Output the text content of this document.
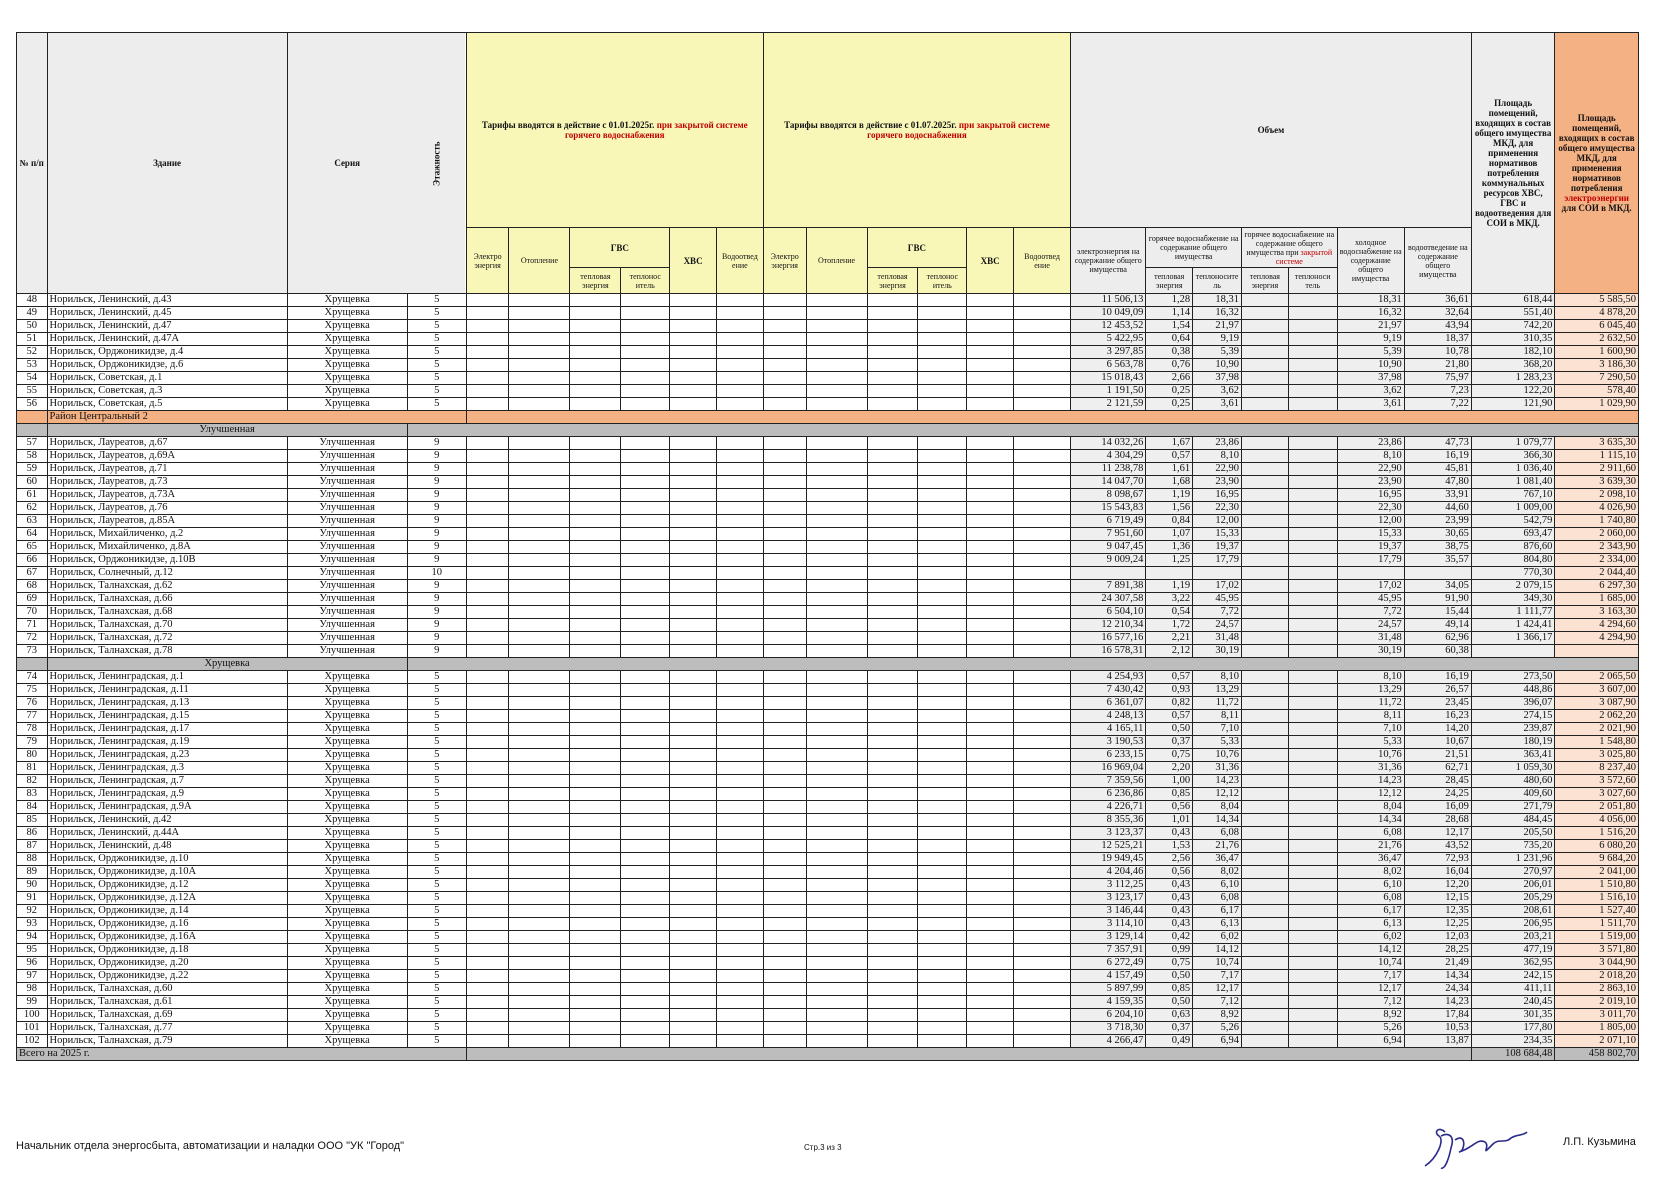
№ п/п	Здание	Серия	Этажность	Тарифы вводятся в действие с 01.01.2025г. при закрытой системе горячего водоснабжения						Тарифы вводятся в действие с 01.07.2025г. при закрытой системе горячего водоснабжения						Объем							Площадь помещений, входящих в состав общего имущества МКД, для применения нормативов потребления коммунальных ресурсов ХВС, ГВС и водоотведения для СОИ в МКД.	Площадь помещений, входящих в состав общего имущества МКД, для применения нормативов потребления электроэнергии для СОИ в МКД.
				Электро энергия	Отопление	ГВС		ХВС	Водоотвед ение	Электро энергия	Отопление	ГВС		ХВС	Водоотвед ение	электроэнергия на содержание общего имущества	горячее водоснабжение на содержание общего имущества		горячее водоснабжение на содержание общего имущества при закрытой системе		холодное водоснабжение на содержание общего имущества	водоотведение на содержание общего имущества		
						тепловая энергия	теплонос итель					тепловая энергия	теплонос итель				тепловая энергия	теплоносите ль	тепловая энергия	теплоноси тель				
48	Норильск, Ленинский, д.43	Хрущевка	5													11 506,13	1,28	18,31			18,31	36,61	618,44	5 585,50
49	Норильск, Ленинский, д.45	Хрущевка	5													10 049,09	1,14	16,32			16,32	32,64	551,40	4 878,20
50	Норильск, Ленинский, д.47	Хрущевка	5													12 453,52	1,54	21,97			21,97	43,94	742,20	6 045,40
51	Норильск, Ленинский, д.47А	Хрущевка	5													5 422,95	0,64	9,19			9,19	18,37	310,35	2 632,50
52	Норильск, Орджоникидзе, д.4	Хрущевка	5													3 297,85	0,38	5,39			5,39	10,78	182,10	1 600,90
53	Норильск, Орджоникидзе, д.6	Хрущевка	5													6 563,78	0,76	10,90			10,90	21,80	368,20	3 186,30
54	Норильск, Советская, д.1	Хрущевка	5													15 018,43	2,66	37,98			37,98	75,97	1 283,23	7 290,50
55	Норильск, Советская, д.3	Хрущевка	5													1 191,50	0,25	3,62			3,62	7,23	122,20	578,40
56	Норильск, Советская, д.5	Хрущевка	5													2 121,59	0,25	3,61			3,61	7,22	121,90	1 029,90
	Район Центральный 2																							
	Улучшенная																							
57	Норильск, Лауреатов, д.67	Улучшенная	9													14 032,26	1,67	23,86			23,86	47,73	1 079,77	3 635,30
58	Норильск, Лауреатов, д.69А	Улучшенная	9													4 304,29	0,57	8,10			8,10	16,19	366,30	1 115,10
59	Норильск, Лауреатов, д.71	Улучшенная	9													11 238,78	1,61	22,90			22,90	45,81	1 036,40	2 911,60
60	Норильск, Лауреатов, д.73	Улучшенная	9													14 047,70	1,68	23,90			23,90	47,80	1 081,40	3 639,30
61	Норильск, Лауреатов, д.73А	Улучшенная	9													8 098,67	1,19	16,95			16,95	33,91	767,10	2 098,10
62	Норильск, Лауреатов, д.76	Улучшенная	9													15 543,83	1,56	22,30			22,30	44,60	1 009,00	4 026,90
63	Норильск, Лауреатов, д.85А	Улучшенная	9													6 719,49	0,84	12,00			12,00	23,99	542,79	1 740,80
64	Норильск, Михайличенко, д.2	Улучшенная	9													7 951,60	1,07	15,33			15,33	30,65	693,47	2 060,00
65	Норильск, Михайличенко, д.8А	Улучшенная	9													9 047,45	1,36	19,37			19,37	38,75	876,60	2 343,90
66	Норильск, Орджоникидзе, д.10В	Улучшенная	9													9 009,24	1,25	17,79			17,79	35,57	804,80	2 334,00
67	Норильск, Солнечный, д.12	Улучшенная	10																				770,30	2 044,40
68	Норильск, Талнахская, д.62	Улучшенная	9													7 891,38	1,19	17,02			17,02	34,05	2 079,15	6 297,30
69	Норильск, Талнахская, д.66	Улучшенная	9													24 307,58	3,22	45,95			45,95	91,90	349,30	1 685,00
70	Норильск, Талнахская, д.68	Улучшенная	9													6 504,10	0,54	7,72			7,72	15,44	1 111,77	3 163,30
71	Норильск, Талнахская, д.70	Улучшенная	9													12 210,34	1,72	24,57			24,57	49,14	1 424,41	4 294,60
72	Норильск, Талнахская, д.72	Улучшенная	9													16 577,16	2,21	31,48			31,48	62,96	1 366,17	4 294,90
73	Норильск, Талнахская, д.78	Улучшенная	9													16 578,31	2,12	30,19			30,19	60,38		
	Хрущевка																							
74	Норильск, Ленинградская, д.1	Хрущевка	5													4 254,93	0,57	8,10			8,10	16,19	273,50	2 065,50
75	Норильск, Ленинградская, д.11	Хрущевка	5													7 430,42	0,93	13,29			13,29	26,57	448,86	3 607,00
76	Норильск, Ленинградская, д.13	Хрущевка	5													6 361,07	0,82	11,72			11,72	23,45	396,07	3 087,90
77	Норильск, Ленинградская, д.15	Хрущевка	5													4 248,13	0,57	8,11			8,11	16,23	274,15	2 062,20
78	Норильск, Ленинградская, д.17	Хрущевка	5													4 165,11	0,50	7,10			7,10	14,20	239,87	2 021,90
79	Норильск, Ленинградская, д.19	Хрущевка	5													3 190,53	0,37	5,33			5,33	10,67	180,19	1 548,80
80	Норильск, Ленинградская, д.23	Хрущевка	5													6 233,15	0,75	10,76			10,76	21,51	363,41	3 025,80
81	Норильск, Ленинградская, д.3	Хрущевка	5													16 969,04	2,20	31,36			31,36	62,71	1 059,30	8 237,40
82	Норильск, Ленинградская, д.7	Хрущевка	5													7 359,56	1,00	14,23			14,23	28,45	480,60	3 572,60
83	Норильск, Ленинградская, д.9	Хрущевка	5													6 236,86	0,85	12,12			12,12	24,25	409,60	3 027,60
84	Норильск, Ленинградская, д.9А	Хрущевка	5													4 226,71	0,56	8,04			8,04	16,09	271,79	2 051,80
85	Норильск, Ленинский, д.42	Хрущевка	5													8 355,36	1,01	14,34			14,34	28,68	484,45	4 056,00
86	Норильск, Ленинский, д.44А	Хрущевка	5													3 123,37	0,43	6,08			6,08	12,17	205,50	1 516,20
87	Норильск, Ленинский, д.48	Хрущевка	5													12 525,21	1,53	21,76			21,76	43,52	735,20	6 080,20
88	Норильск, Орджоникидзе, д.10	Хрущевка	5													19 949,45	2,56	36,47			36,47	72,93	1 231,96	9 684,20
89	Норильск, Орджоникидзе, д.10А	Хрущевка	5													4 204,46	0,56	8,02			8,02	16,04	270,97	2 041,00
90	Норильск, Орджоникидзе, д.12	Хрущевка	5													3 112,25	0,43	6,10			6,10	12,20	206,01	1 510,80
91	Норильск, Орджоникидзе, д.12А	Хрущевка	5													3 123,17	0,43	6,08			6,08	12,15	205,29	1 516,10
92	Норильск, Орджоникидзе, д.14	Хрущевка	5													3 146,44	0,43	6,17			6,17	12,35	208,61	1 527,40
93	Норильск, Орджоникидзе, д.16	Хрущевка	5													3 114,10	0,43	6,13			6,13	12,25	206,95	1 511,70
94	Норильск, Орджоникидзе, д.16А	Хрущевка	5													3 129,14	0,42	6,02			6,02	12,03	203,21	1 519,00
95	Норильск, Орджоникидзе, д.18	Хрущевка	5													7 357,91	0,99	14,12			14,12	28,25	477,19	3 571,80
96	Норильск, Орджоникидзе, д.20	Хрущевка	5													6 272,49	0,75	10,74			10,74	21,49	362,95	3 044,90
97	Норильск, Орджоникидзе, д.22	Хрущевка	5													4 157,49	0,50	7,17			7,17	14,34	242,15	2 018,20
98	Норильск, Талнахская, д.60	Хрущевка	5													5 897,99	0,85	12,17			12,17	24,34	411,11	2 863,10
99	Норильск, Талнахская, д.61	Хрущевка	5													4 159,35	0,50	7,12			7,12	14,23	240,45	2 019,10
100	Норильск, Талнахская, д.69	Хрущевка	5													6 204,10	0,63	8,92			8,92	17,84	301,35	3 011,70
101	Норильск, Талнахская, д.77	Хрущевка	5													3 718,30	0,37	5,26			5,26	10,53	177,80	1 805,00
102	Норильск, Талнахская, д.79	Хрущевка	5													4 266,47	0,49	6,94			6,94	13,87	234,35	2 071,10
Всего на 2025 г.																							108 684,48	458 802,70
Начальник отдела энергосбыта, автоматизации и наладки ООО "УК "Город"	Стр.3 из 3	Л.П. Кузьмина
